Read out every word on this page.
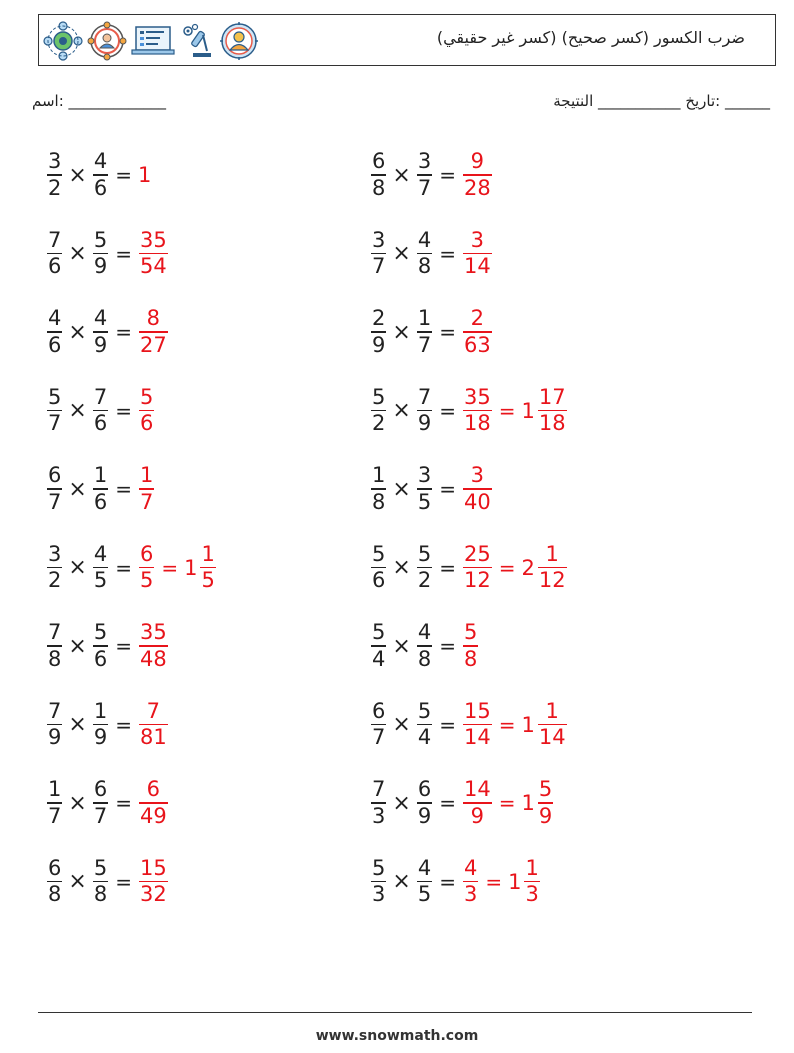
ضرب الكسور (كسر صحيح) (كسر غير حقيقي)
______ :تاريخ ___________ النتيجة
_____________ :اسم
$\frac{3}{2} \times \frac{4}{6} = 1$	$\frac{6}{8} \times \frac{3}{7} = \frac{9}{28}$
$\frac{7}{6} \times \frac{5}{9} = \frac{35}{54}$	$\frac{3}{7} \times \frac{4}{8} = \frac{3}{14}$
$\frac{4}{6} \times \frac{4}{9} = \frac{8}{27}$	$\frac{2}{9} \times \frac{1}{7} = \frac{2}{63}$
$\frac{5}{7} \times \frac{7}{6} = \frac{5}{6}$	$\frac{5}{2} \times \frac{7}{9} = \frac{35}{18} = 1 \frac{17}{18}$
$\frac{6}{7} \times \frac{1}{6} = \frac{1}{7}$	$\frac{1}{8} \times \frac{3}{5} = \frac{3}{40}$
$\frac{3}{2} \times \frac{4}{5} = \frac{6}{5} = 1 \frac{1}{5}$	$\frac{5}{6} \times \frac{5}{2} = \frac{25}{12} = 2 \frac{1}{12}$
$\frac{7}{8} \times \frac{5}{6} = \frac{35}{48}$	$\frac{5}{4} \times \frac{4}{8} = \frac{5}{8}$
$\frac{7}{9} \times \frac{1}{9} = \frac{7}{81}$	$\frac{6}{7} \times \frac{5}{4} = \frac{15}{14} = 1 \frac{1}{14}$
$\frac{1}{7} \times \frac{6}{7} = \frac{6}{49}$	$\frac{7}{3} \times \frac{6}{9} = \frac{14}{9} = 1 \frac{5}{9}$
$\frac{6}{8} \times \frac{5}{8} = \frac{15}{32}$	$\frac{5}{3} \times \frac{4}{5} = \frac{4}{3} = 1 \frac{1}{3}$
www.snowmath.com
